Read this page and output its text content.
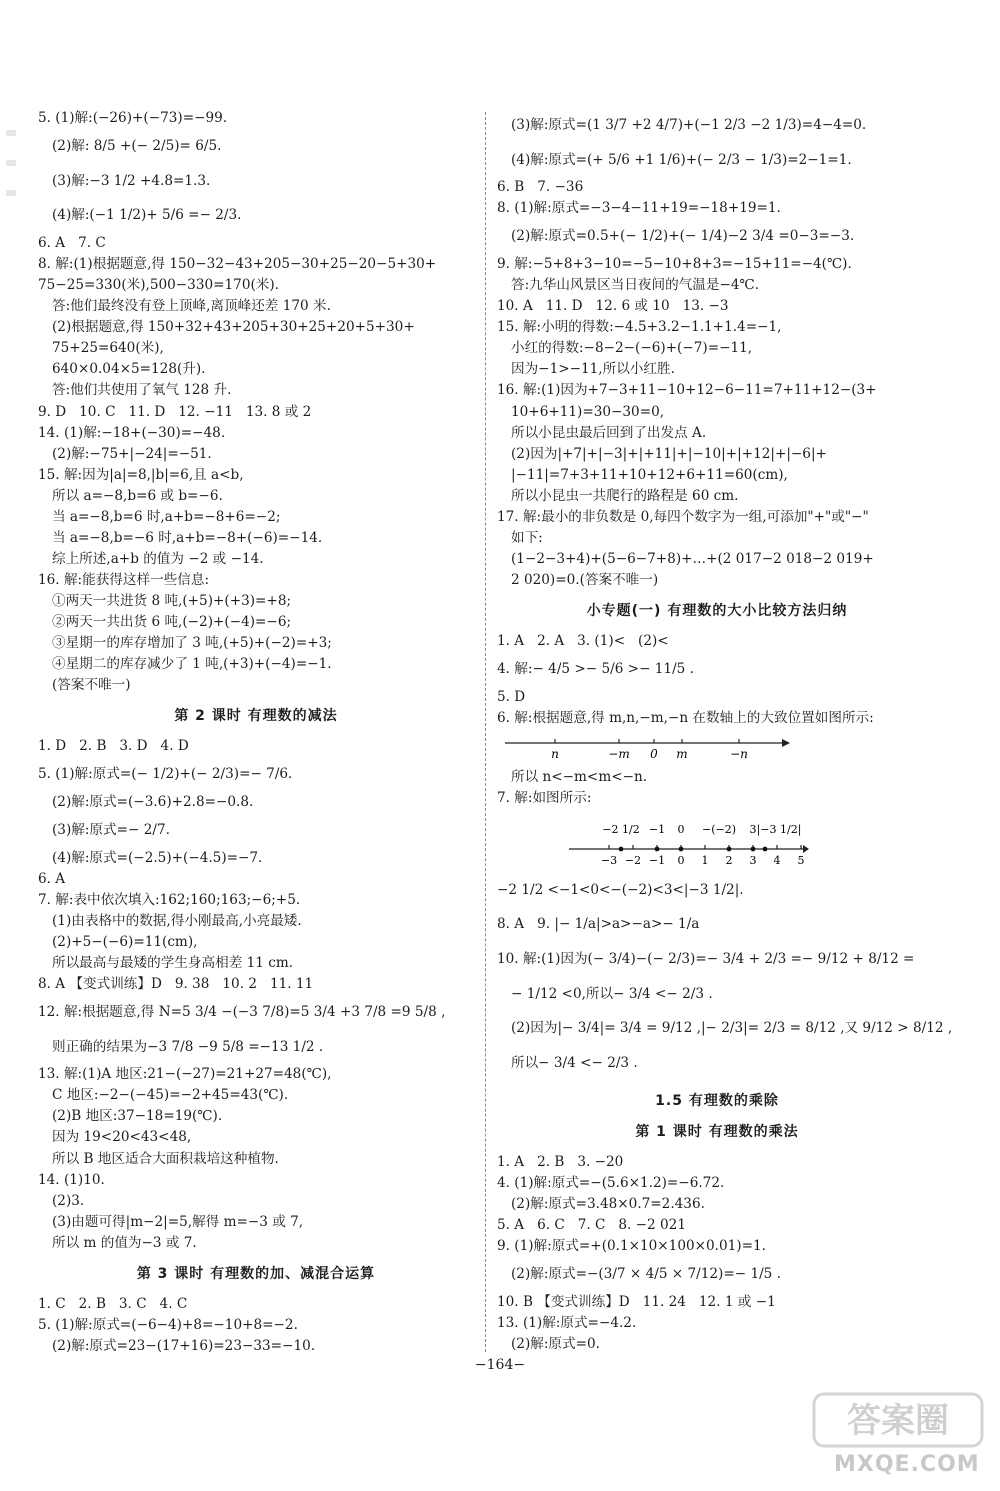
5. (1)解:(−26)+(−73)=−99.
(2)解: 8/5 +(− 2/5)= 6/5.
(3)解:−3 1/2 +4.8=1.3.
(4)解:(−1 1/2)+ 5/6 =− 2/3.
6. A   7. C
8. 解:(1)根据题意,得 150−32−43+205−30+25−20−5+30+
75−25=330(米),500−330=170(米).
答:他们最终没有登上顶峰,离顶峰还差 170 米.
(2)根据题意,得 150+32+43+205+30+25+20+5+30+
75+25=640(米),
640×0.04×5=128(升).
答:他们共使用了氧气 128 升.
9. D   10. C   11. D   12. −11   13. 8 或 2
14. (1)解:−18+(−30)=−48.
(2)解:−75+|−24|=−51.
15. 解:因为|a|=8,|b|=6,且 a<b,
所以 a=−8,b=6 或 b=−6.
当 a=−8,b=6 时,a+b=−8+6=−2;
当 a=−8,b=−6 时,a+b=−8+(−6)=−14.
综上所述,a+b 的值为 −2 或 −14.
16. 解:能获得这样一些信息:
①两天一共进货 8 吨,(+5)+(+3)=+8;
②两天一共出货 6 吨,(−2)+(−4)=−6;
③星期一的库存增加了 3 吨,(+5)+(−2)=+3;
④星期二的库存减少了 1 吨,(+3)+(−4)=−1.
(答案不唯一)
第 2 课时 有理数的减法
1. D   2. B   3. D   4. D
5. (1)解:原式=(− 1/2)+(− 2/3)=− 7/6.
(2)解:原式=(−3.6)+2.8=−0.8.
(3)解:原式=− 2/7.
(4)解:原式=(−2.5)+(−4.5)=−7.
6. A
7. 解:表中依次填入:162;160;163;−6;+5.
(1)由表格中的数据,得小刚最高,小亮最矮.
(2)+5−(−6)=11(cm),
所以最高与最矮的学生身高相差 11 cm.
8. A 【变式训练】D   9. 38   10. 2   11. 11
12. 解:根据题意,得 N=5 3/4 −(−3 7/8)=5 3/4 +3 7/8 =9 5/8 ,
则正确的结果为−3 7/8 −9 5/8 =−13 1/2 .
13. 解:(1)A 地区:21−(−27)=21+27=48(℃),
C 地区:−2−(−45)=−2+45=43(℃).
(2)B 地区:37−18=19(℃).
因为 19<20<43<48,
所以 B 地区适合大面积栽培这种植物.
14. (1)10.
(2)3.
(3)由题可得|m−2|=5,解得 m=−3 或 7,
所以 m 的值为−3 或 7.
第 3 课时 有理数的加、减混合运算
1. C   2. B   3. C   4. C
5. (1)解:原式=(−6−4)+8=−10+8=−2.
(2)解:原式=23−(17+16)=23−33=−10.
(3)解:原式=(1 3/7 +2 4/7)+(−1 2/3 −2 1/3)=4−4=0.
(4)解:原式=(+ 5/6 +1 1/6)+(− 2/3 − 1/3)=2−1=1.
6. B   7. −36
8. (1)解:原式=−3−4−11+19=−18+19=1.
(2)解:原式=0.5+(− 1/2)+(− 1/4)−2 3/4 =0−3=−3.
9. 解:−5+8+3−10=−5−10+8+3=−15+11=−4(℃).
答:九华山风景区当日夜间的气温是−4℃.
10. A   11. D   12. 6 或 10   13. −3
15. 解:小明的得数:−4.5+3.2−1.1+1.4=−1,
小红的得数:−8−2−(−6)+(−7)=−11,
因为−1>−11,所以小红胜.
16. 解:(1)因为+7−3+11−10+12−6−11=7+11+12−(3+
10+6+11)=30−30=0,
所以小昆虫最后回到了出发点 A.
(2)因为|+7|+|−3|+|+11|+|−10|+|+12|+|−6|+
|−11|=7+3+11+10+12+6+11=60(cm),
所以小昆虫一共爬行的路程是 60 cm.
17. 解:最小的非负数是 0,每四个数字为一组,可添加"+"或"−"
如下:
(1−2−3+4)+(5−6−7+8)+…+(2 017−2 018−2 019+
2 020)=0.(答案不唯一)
小专题(一) 有理数的大小比较方法归纳
1. A   2. A   3. (1)<   (2)<
4. 解:− 4/5 >− 5/6 >− 11/5 .
5. D
6. 解:根据题意,得 m,n,−m,−n 在数轴上的大致位置如图所示:
n	−m 0 m	−n
所以 n<−m<m<−n.
7. 解:如图所示:
−3 −2 −1 0 1 2 3 4 5
−2 1/2 −1 0 −(−2) 3 |−3 1/2|
−2 1/2 <−1<0<−(−2)<3<|−3 1/2|.
8. A   9. |− 1/a|>a>−a>− 1/a
10. 解:(1)因为(− 3/4)−(− 2/3)=− 3/4 + 2/3 =− 9/12 + 8/12 =
− 1/12 <0,所以− 3/4 <− 2/3 .
(2)因为|− 3/4|= 3/4 = 9/12 ,|− 2/3|= 2/3 = 8/12 ,又 9/12 > 8/12 ,
所以− 3/4 <− 2/3 .
1.5 有理数的乘除
第 1 课时 有理数的乘法
1. A   2. B   3. −20
4. (1)解:原式=−(5.6×1.2)=−6.72.
(2)解:原式=3.48×0.7=2.436.
5. A   6. C   7. C   8. −2 021
9. (1)解:原式=+(0.1×10×100×0.01)=1.
(2)解:原式=−(3/7 × 4/5 × 7/12)=− 1/5 .
10. B 【变式训练】D   11. 24   12. 1 或 −1
13. (1)解:原式=−4.2.
(2)解:原式=0.
−164−
答案圈
MXQE.COM
